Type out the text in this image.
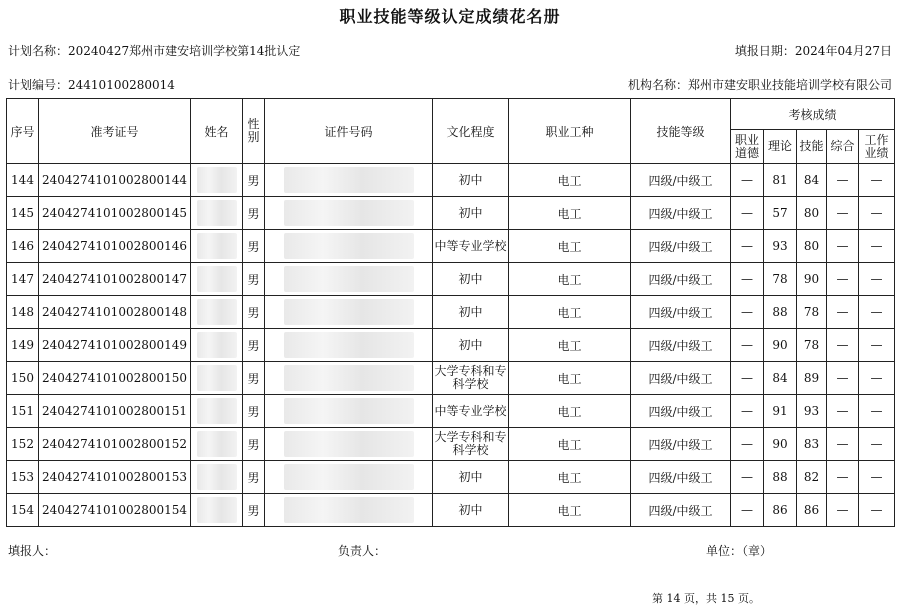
职业技能等级认定成绩花名册
计划名称：20240427郑州市建安培训学校第14批认定	填报日期：2024年04月27日
计划编号：24410100280014	机构名称：郑州市建安职业技能培训学校有限公司
序号	准考证号	姓名	性别	证件号码	文化程度	职业工种	技能等级	考核成绩				
								职业道德	理论	技能	综合	工作业绩
144	2404274101002800144		男		初中	电工	四级/中级工	—	81	84	—	—
145	2404274101002800145		男		初中	电工	四级/中级工	—	57	80	—	—
146	2404274101002800146		男		中等专业学校	电工	四级/中级工	—	93	80	—	—
147	2404274101002800147		男		初中	电工	四级/中级工	—	78	90	—	—
148	2404274101002800148		男		初中	电工	四级/中级工	—	88	78	—	—
149	2404274101002800149		男		初中	电工	四级/中级工	—	90	78	—	—
150	2404274101002800150		男		大学专科和专科学校	电工	四级/中级工	—	84	89	—	—
151	2404274101002800151		男		中等专业学校	电工	四级/中级工	—	91	93	—	—
152	2404274101002800152		男		大学专科和专科学校	电工	四级/中级工	—	90	83	—	—
153	2404274101002800153		男		初中	电工	四级/中级工	—	88	82	—	—
154	2404274101002800154		男		初中	电工	四级/中级工	—	86	86	—	—
填报人：	负责人：	单位：（章）
第 14 页，共 15 页。
